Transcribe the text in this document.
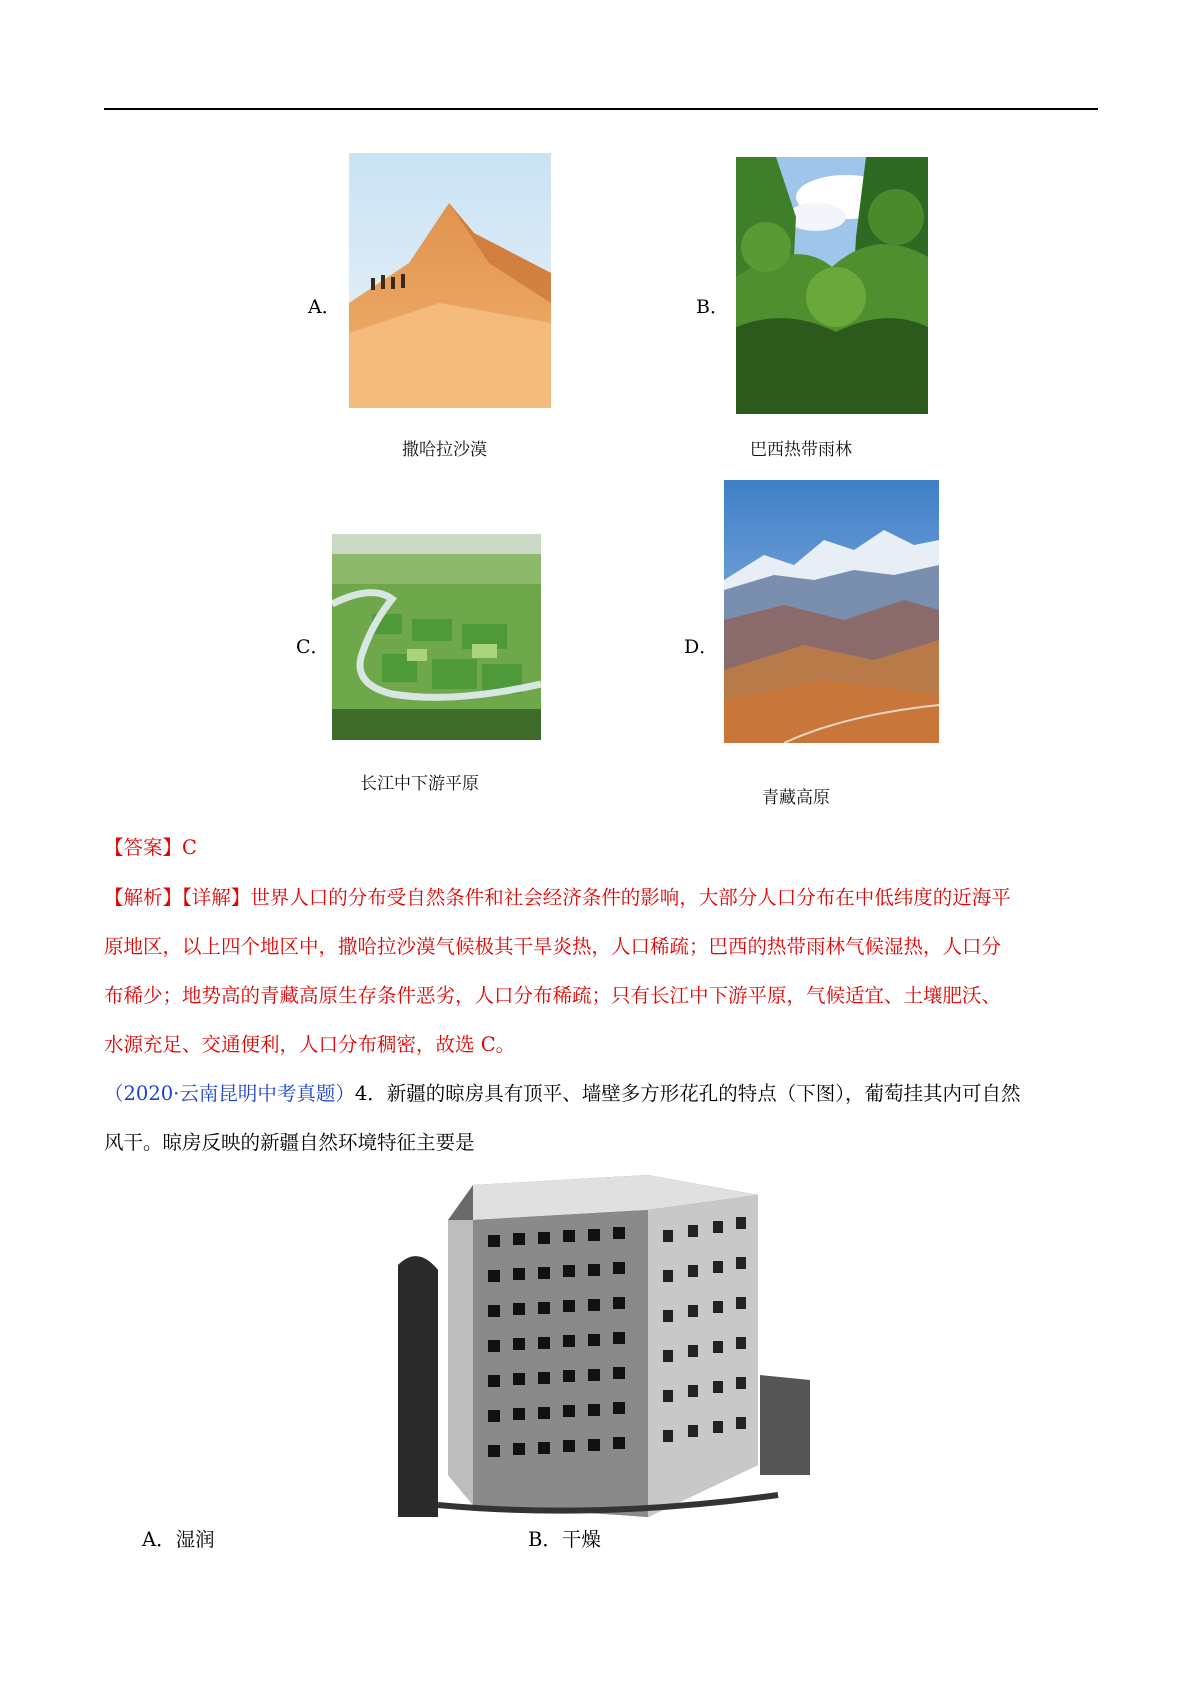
A．
撒哈拉沙漠
B．
巴西热带雨林
C．
长江中下游平原
D．
青藏高原
【答案】C
【解析】【详解】世界人口的分布受自然条件和社会经济条件的影响，大部分人口分布在中低纬度的近海平
原地区，以上四个地区中，撒哈拉沙漠气候极其干旱炎热，人口稀疏；巴西的热带雨林气候湿热，人口分
布稀少；地势高的青藏高原生存条件恶劣，人口分布稀疏；只有长江中下游平原，气候适宜、土壤肥沃、
水源充足、交通便利，人口分布稠密，故选 C。
（2020·云南昆明中考真题）4．新疆的晾房具有顶平、墙壁多方形花孔的特点（下图），葡萄挂其内可自然
风干。晾房反映的新疆自然环境特征主要是
A．湿润	B．干燥
